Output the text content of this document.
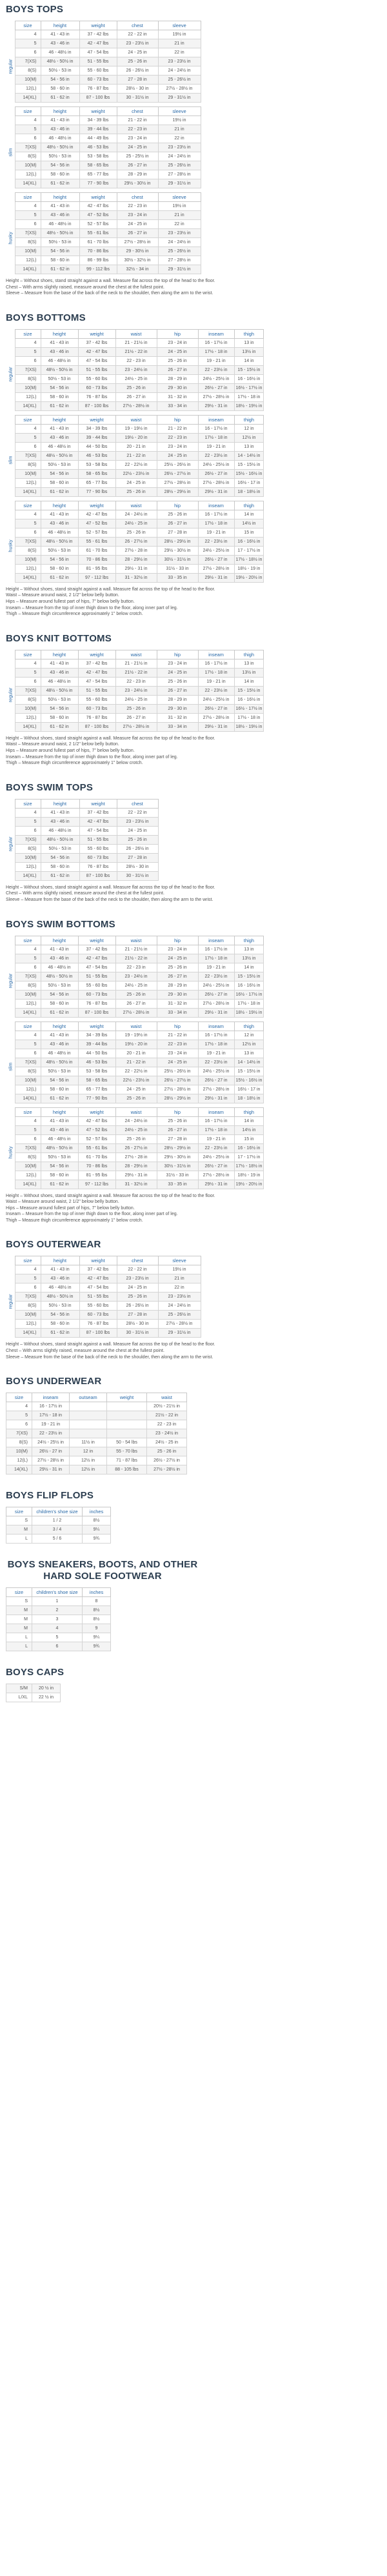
BOYS TOPS
	size	height	weight	chest	sleeve

regular	4	41 - 43 in	37 - 42 lbs	22 - 22 in	19½ in
	5	43 - 46 in	42 - 47 lbs	23 - 23½ in	21 in
	6	46 - 48½ in	47 - 54 lbs	24 - 25 in	22 in
	7(XS)	48½ - 50½ in	51 - 55 lbs	25 - 26 in	23 - 23½ in
	8(S)	50½ - 53 in	55 - 60 lbs	26 - 26½ in	24 - 24½ in
	10(M)	54 - 56 in	60 - 73 lbs	27 - 28 in	25 - 26½ in
	12(L)	58 - 60 in	76 - 87 lbs	28½ - 30 in	27½ - 28½ in
	14(XL)	61 - 62 in	87 - 100 lbs	30 - 31½ in	29 - 31½ in
	size	height	weight	chest	sleeve

slim	4	41 - 43 in	34 - 39 lbs	21 - 22 in	19½ in
	5	43 - 46 in	39 - 44 lbs	22 - 23 in	21 in
	6	46 - 48½ in	44 - 49 lbs	23 - 24 in	22 in
	7(XS)	48½ - 50½ in	46 - 53 lbs	24 - 25 in	23 - 23½ in
	8(S)	50½ - 53 in	53 - 58 lbs	25 - 25½ in	24 - 24½ in
	10(M)	54 - 56 in	58 - 65 lbs	26 - 27 in	25 - 26½ in
	12(L)	58 - 60 in	65 - 77 lbs	28 - 29 in	27 - 28½ in
	14(XL)	61 - 62 in	77 - 90 lbs	29½ - 30½ in	29 - 31½ in
	size	height	weight	chest	sleeve

husky	4	41 - 43 in	42 - 47 lbs	22 - 23 in	19½ in
	5	43 - 46 in	47 - 52 lbs	23 - 24 in	21 in
	6	46 - 48½ in	52 - 57 lbs	24 - 25 in	22 in
	7(XS)	48½ - 50½ in	55 - 61 lbs	26 - 27 in	23 - 23½ in
	8(S)	50½ - 53 in	61 - 70 lbs	27½ - 28½ in	24 - 24½ in
	10(M)	54 - 56 in	70 - 86 lbs	29 - 30½ in	25 - 26½ in
	12(L)	58 - 60 in	86 - 99 lbs	30½ - 32½ in	27 - 28½ in
	14(XL)	61 - 62 in	99 - 112 lbs	32½ - 34 in	29 - 31½ in

Height – Without shoes, stand straight against a wall. Measure flat across the top of the head to the floor.

Chest – With arms slightly raised, measure around the chest at the fullest point.

Sleeve – Measure from the base of the back of the neck to the shoulder, then along the arm to the wrist.

BOYS BOTTOMS
	size	height	weight	waist	hip	inseam	thigh

regular	4	41 - 43 in	37 - 42 lbs	21 - 21½ in	23 - 24 in	16 - 17½ in	13 in
	5	43 - 46 in	42 - 47 lbs	21½ - 22 in	24 - 25 in	17½ - 18 in	13½ in
	6	46 - 48½ in	47 - 54 lbs	22 - 23 in	25 - 26 in	19 - 21 in	14 in
	7(XS)	48½ - 50½ in	51 - 55 lbs	23 - 24½ in	26 - 27 in	22 - 23½ in	15 - 15½ in
	8(S)	50½ - 53 in	55 - 60 lbs	24½ - 25 in	28 - 29 in	24½ - 25½ in	16 - 16½ in
	10(M)	54 - 56 in	60 - 73 lbs	25 - 26 in	29 - 30 in	26½ - 27 in	16½ - 17½ in
	12(L)	58 - 60 in	76 - 87 lbs	26 - 27 in	31 - 32 in	27½ - 28½ in	17½ - 18 in
	14(XL)	61 - 62 in	87 - 100 lbs	27½ - 28½ in	33 - 34 in	29½ - 31 in	18½ - 19½ in
	size	height	weight	waist	hip	inseam	thigh

slim	4	41 - 43 in	34 - 39 lbs	19 - 19½ in	21 - 22 in	16 - 17½ in	12 in
	5	43 - 46 in	39 - 44 lbs	19½ - 20 in	22 - 23 in	17½ - 18 in	12½ in
	6	46 - 48½ in	44 - 50 lbs	20 - 21 in	23 - 24 in	19 - 21 in	13 in
	7(XS)	48½ - 50½ in	46 - 53 lbs	21 - 22 in	24 - 25 in	22 - 23½ in	14 - 14½ in
	8(S)	50½ - 53 in	53 - 58 lbs	22 - 22½ in	25½ - 26½ in	24½ - 25½ in	15 - 15½ in
	10(M)	54 - 56 in	58 - 65 lbs	22½ - 23½ in	26½ - 27½ in	26½ - 27 in	15½ - 16½ in
	12(L)	58 - 60 in	65 - 77 lbs	24 - 25 in	27½ - 28½ in	27½ - 28½ in	16½ - 17 in
	14(XL)	61 - 62 in	77 - 90 lbs	25 - 26 in	28½ - 29½ in	29½ - 31 in	18 - 18½ in
	size	height	weight	waist	hip	inseam	thigh

husky	4	41 - 43 in	42 - 47 lbs	24 - 24½ in	25 - 26 in	16 - 17½ in	14 in
	5	43 - 46 in	47 - 52 lbs	24½ - 25 in	26 - 27 in	17½ - 18 in	14½ in
	6	46 - 48½ in	52 - 57 lbs	25 - 26 in	27 - 28 in	19 - 21 in	15 in
	7(XS)	48½ - 50½ in	55 - 61 lbs	26 - 27½ in	28½ - 29½ in	22 - 23½ in	16 - 16½ in
	8(S)	50½ - 53 in	61 - 70 lbs	27½ - 28 in	29½ - 30½ in	24½ - 25½ in	17 - 17½ in
	10(M)	54 - 56 in	70 - 86 lbs	28 - 29½ in	30½ - 31½ in	26½ - 27 in	17½ - 18½ in
	12(L)	58 - 60 in	81 - 95 lbs	29½ - 31 in	31½ - 33 in	27½ - 28½ in	18½ - 19 in
	14(XL)	61 - 62 in	97 - 112 lbs	31 - 32½ in	33 - 35 in	29½ - 31 in	19½ - 20½ in

Height – Without shoes, stand straight against a wall. Measure flat across the top of the head to the floor.

Waist – Measure around waist, 2 1/2" below belly button.

Hips – Measure around fullest part of hips, 7" below belly button.

Inseam – Measure from the top of inner thigh down to the floor, along inner part of leg.

Thigh – Measure thigh circumference approximately 1" below crotch.

BOYS KNIT BOTTOMS
	size	height	weight	waist	hip	inseam	thigh

regular	4	41 - 43 in	37 - 42 lbs	21 - 21½ in	23 - 24 in	16 - 17½ in	13 in
	5	43 - 46 in	42 - 47 lbs	21½ - 22 in	24 - 25 in	17½ - 18 in	13½ in
	6	46 - 48½ in	47 - 54 lbs	22 - 23 in	25 - 26 in	19 - 21 in	14 in
	7(XS)	48½ - 50½ in	51 - 55 lbs	23 - 24½ in	26 - 27 in	22 - 23½ in	15 - 15½ in
	8(S)	50½ - 53 in	55 - 60 lbs	24½ - 25 in	28 - 29 in	24½ - 25½ in	16 - 16½ in
	10(M)	54 - 56 in	60 - 73 lbs	25 - 26 in	29 - 30 in	26½ - 27 in	16½ - 17½ in
	12(L)	58 - 60 in	76 - 87 lbs	26 - 27 in	31 - 32 in	27½ - 28½ in	17½ - 18 in
	14(XL)	61 - 62 in	87 - 100 lbs	27½ - 28½ in	33 - 34 in	29½ - 31 in	18½ - 19½ in

Height – Without shoes, stand straight against a wall. Measure flat across the top of the head to the floor.

Waist – Measure around waist, 2 1/2" below belly button.

Hips – Measure around fullest part of hips, 7" below belly button.

Inseam – Measure from the top of inner thigh down to the floor, along inner part of leg.

Thigh – Measure thigh circumference approximately 1" below crotch.

BOYS SWIM TOPS
	size	height	weight	chest

regular	4	41 - 43 in	37 - 42 lbs	22 - 22 in
	5	43 - 46 in	42 - 47 lbs	23 - 23½ in
	6	46 - 48½ in	47 - 54 lbs	24 - 25 in
	7(XS)	48½ - 50½ in	51 - 55 lbs	25 - 26 in
	8(S)	50½ - 53 in	55 - 60 lbs	26 - 26½ in
	10(M)	54 - 56 in	60 - 73 lbs	27 - 28 in
	12(L)	58 - 60 in	76 - 87 lbs	28½ - 30 in
	14(XL)	61 - 62 in	87 - 100 lbs	30 - 31½ in

Height – Without shoes, stand straight against a wall. Measure flat across the top of the head to the floor.

Chest – With arms slightly raised, measure around the chest at the fullest point.

Sleeve – Measure from the base of the back of the neck to the shoulder, then along the arm to the wrist.

BOYS SWIM BOTTOMS
	size	height	weight	waist	hip	inseam	thigh

regular	4	41 - 43 in	37 - 42 lbs	21 - 21½ in	23 - 24 in	16 - 17½ in	13 in
	5	43 - 46 in	42 - 47 lbs	21½ - 22 in	24 - 25 in	17½ - 18 in	13½ in
	6	46 - 48½ in	47 - 54 lbs	22 - 23 in	25 - 26 in	19 - 21 in	14 in
	7(XS)	48½ - 50½ in	51 - 55 lbs	23 - 24½ in	26 - 27 in	22 - 23½ in	15 - 15½ in
	8(S)	50½ - 53 in	55 - 60 lbs	24½ - 25 in	28 - 29 in	24½ - 25½ in	16 - 16½ in
	10(M)	54 - 56 in	60 - 73 lbs	25 - 26 in	29 - 30 in	26½ - 27 in	16½ - 17½ in
	12(L)	58 - 60 in	76 - 87 lbs	26 - 27 in	31 - 32 in	27½ - 28½ in	17½ - 18 in
	14(XL)	61 - 62 in	87 - 100 lbs	27½ - 28½ in	33 - 34 in	29½ - 31 in	18½ - 19½ in
	size	height	weight	waist	hip	inseam	thigh

slim	4	41 - 43 in	34 - 39 lbs	19 - 19½ in	21 - 22 in	16 - 17½ in	12 in
	5	43 - 46 in	39 - 44 lbs	19½ - 20 in	22 - 23 in	17½ - 18 in	12½ in
	6	46 - 48½ in	44 - 50 lbs	20 - 21 in	23 - 24 in	19 - 21 in	13 in
	7(XS)	48½ - 50½ in	46 - 53 lbs	21 - 22 in	24 - 25 in	22 - 23½ in	14 - 14½ in
	8(S)	50½ - 53 in	53 - 58 lbs	22 - 22½ in	25½ - 26½ in	24½ - 25½ in	15 - 15½ in
	10(M)	54 - 56 in	58 - 65 lbs	22½ - 23½ in	26½ - 27½ in	26½ - 27 in	15½ - 16½ in
	12(L)	58 - 60 in	65 - 77 lbs	24 - 25 in	27½ - 28½ in	27½ - 28½ in	16½ - 17 in
	14(XL)	61 - 62 in	77 - 90 lbs	25 - 26 in	28½ - 29½ in	29½ - 31 in	18 - 18½ in
	size	height	weight	waist	hip	inseam	thigh

husky	4	41 - 43 in	42 - 47 lbs	24 - 24½ in	25 - 26 in	16 - 17½ in	14 in
	5	43 - 46 in	47 - 52 lbs	24½ - 25 in	26 - 27 in	17½ - 18 in	14½ in
	6	46 - 48½ in	52 - 57 lbs	25 - 26 in	27 - 28 in	19 - 21 in	15 in
	7(XS)	48½ - 50½ in	55 - 61 lbs	26 - 27½ in	28½ - 29½ in	22 - 23½ in	16 - 16½ in
	8(S)	50½ - 53 in	61 - 70 lbs	27½ - 28 in	29½ - 30½ in	24½ - 25½ in	17 - 17½ in
	10(M)	54 - 56 in	70 - 86 lbs	28 - 29½ in	30½ - 31½ in	26½ - 27 in	17½ - 18½ in
	12(L)	58 - 60 in	81 - 95 lbs	29½ - 31 in	31½ - 33 in	27½ - 28½ in	18½ - 19 in
	14(XL)	61 - 62 in	97 - 112 lbs	31 - 32½ in	33 - 35 in	29½ - 31 in	19½ - 20½ in

Height – Without shoes, stand straight against a wall. Measure flat across the top of the head to the floor.

Waist – Measure around waist, 2 1/2" below belly button.

Hips – Measure around fullest part of hips, 7" below belly button.

Inseam – Measure from the top of inner thigh down to the floor, along inner part of leg.

Thigh – Measure thigh circumference approximately 1" below crotch.

BOYS OUTERWEAR
	size	height	weight	chest	sleeve

regular	4	41 - 43 in	37 - 42 lbs	22 - 22 in	19½ in
	5	43 - 46 in	42 - 47 lbs	23 - 23½ in	21 in
	6	46 - 48½ in	47 - 54 lbs	24 - 25 in	22 in
	7(XS)	48½ - 50½ in	51 - 55 lbs	25 - 26 in	23 - 23½ in
	8(S)	50½ - 53 in	55 - 60 lbs	26 - 26½ in	24 - 24½ in
	10(M)	54 - 56 in	60 - 73 lbs	27 - 28 in	25 - 26½ in
	12(L)	58 - 60 in	76 - 87 lbs	28½ - 30 in	27½ - 28½ in
	14(XL)	61 - 62 in	87 - 100 lbs	30 - 31½ in	29 - 31½ in

Height – Without shoes, stand straight against a wall. Measure flat across the top of the head to the floor.

Chest – With arms slightly raised, measure around the chest at the fullest point.

Sleeve – Measure from the base of the back of the neck to the shoulder, then along the arm to the wrist.

BOYS UNDERWEAR
size	inseam	outseam	weight	waist
4	16 - 17½ in			20½ - 21½ in
5	17½ - 18 in			21½ - 22 in
6	19 - 21 in			22 - 23 in
7(XS)	22 - 23½ in			23 - 24½ in
8(S)	24½ - 25½ in	11½ in	50 - 54 lbs	24½ - 25 in
10(M)	26½ - 27 in	12 in	55 - 70 lbs	25 - 26 in
12(L)	27½ - 28½ in	12½ in	71 - 87 lbs	26½ - 27½ in
14(XL)	29½ - 31 in	12½ in	88 - 105 lbs	27½ - 28½ in
BOYS FLIP FLOPS
size	children's shoe size	inches
S	1 / 2	8½
M	3 / 4	9¼
L	5 / 6	9¾
BOYS SNEAKERS, BOOTS, AND OTHER HARD SOLE FOOTWEAR
size	children's shoe size	inches
S	1	8
M	2	8½
M	3	8½
M	4	9
L	5	9¼
L	6	9¾
BOYS CAPS
S/M	20 ½ in
L/XL	22 ½ in
